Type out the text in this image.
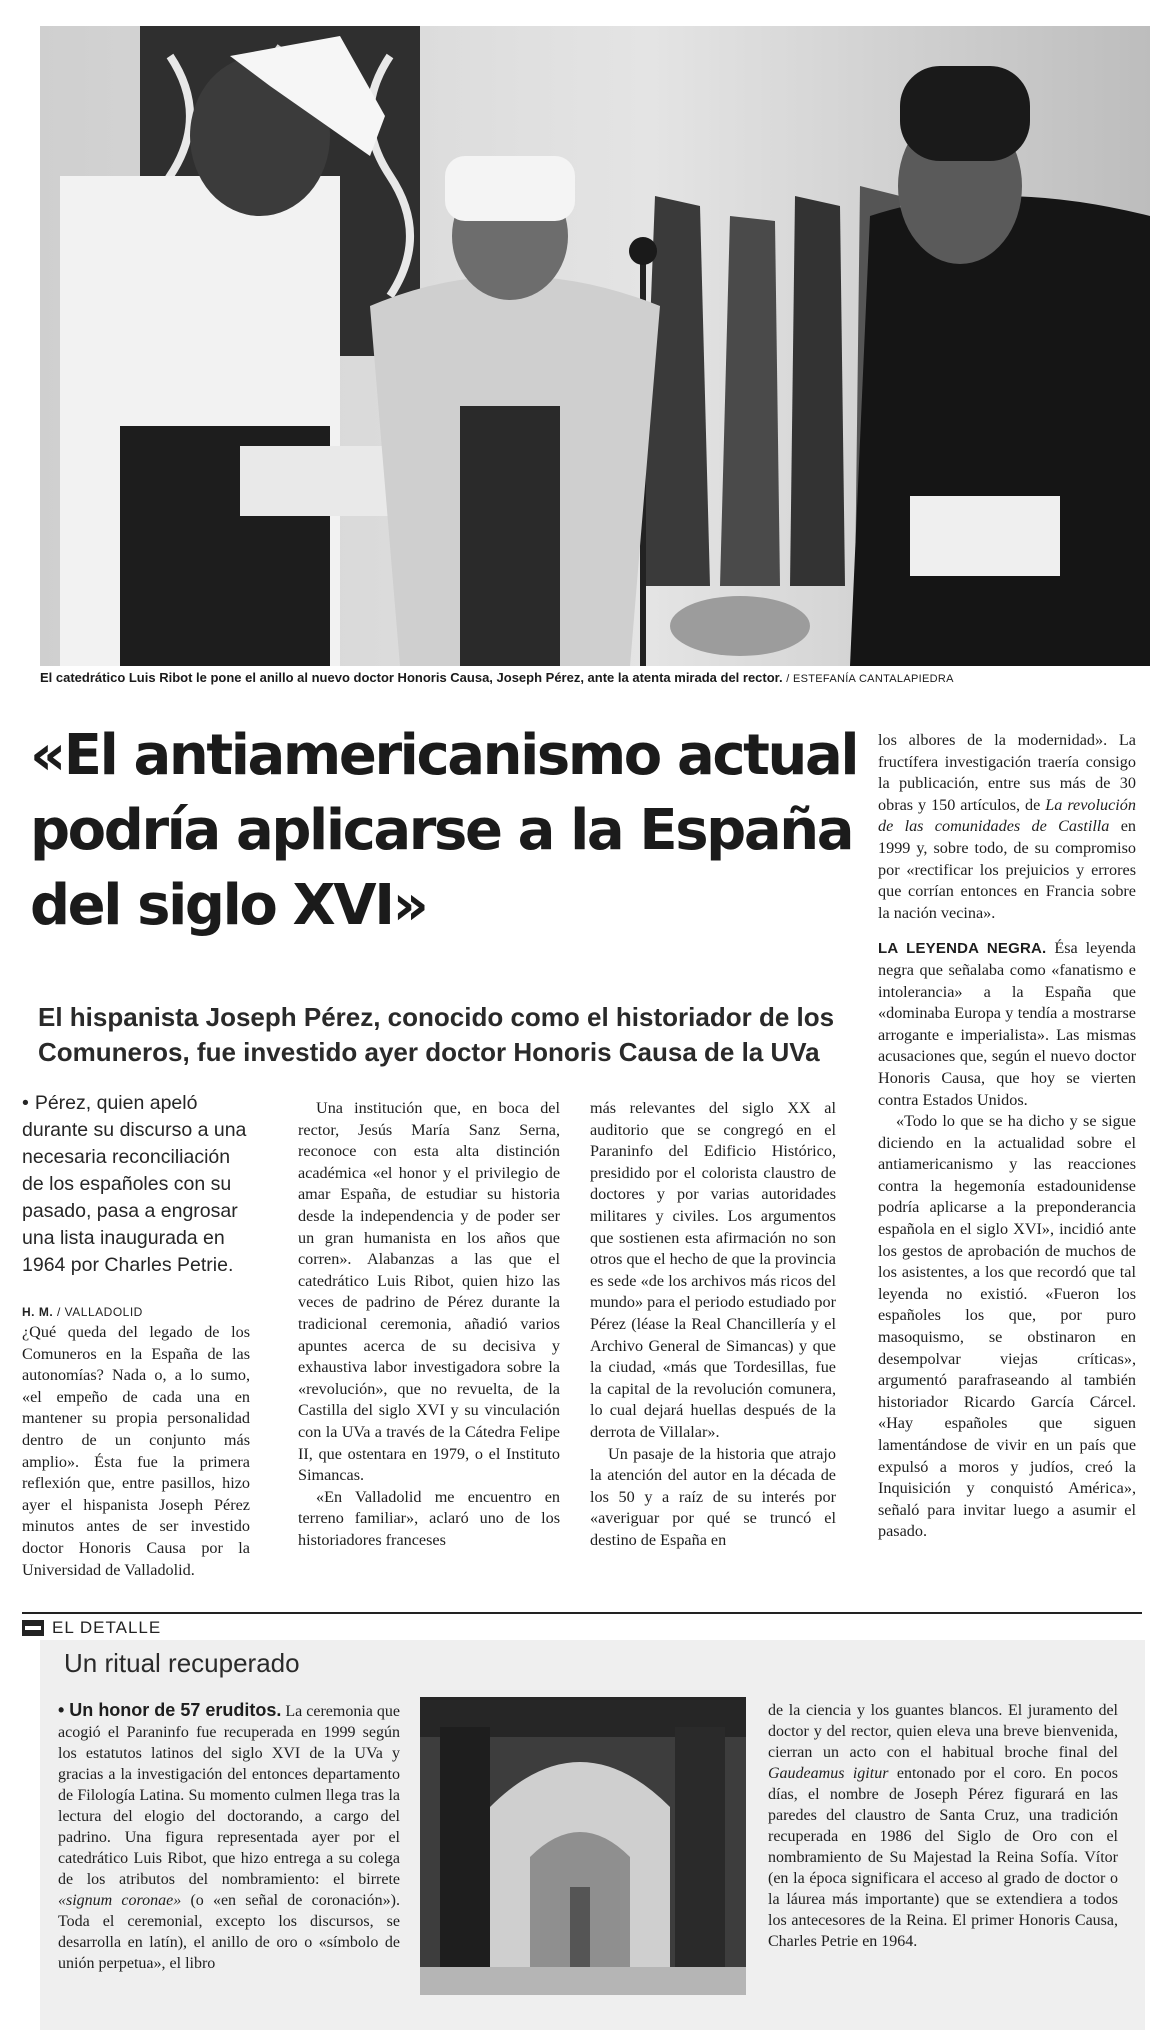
El catedrático Luis Ribot le pone el anillo al nuevo doctor Honoris Causa, Joseph Pérez, ante la atenta mirada del rector. / ESTEFANÍA CANTALAPIEDRA
«El antiamericanismo actual podría aplicarse a la España del siglo XVI»
El hispanista Joseph Pérez, conocido como el historiador de los Comuneros, fue investido ayer doctor Honoris Causa de la UVa
• Pérez, quien apeló durante su discurso a una necesaria reconciliación de los españoles con su pasado, pasa a engrosar una lista inaugurada en 1964 por Charles Petrie.
H. M. / VALLADOLID

¿Qué queda del legado de los Comuneros en la España de las autonomías? Nada o, a lo sumo, «el empeño de cada una en mantener su propia personalidad dentro de un conjunto más amplio». Ésta fue la primera reflexión que, entre pasillos, hizo ayer el hispanista Joseph Pérez minutos antes de ser investido doctor Honoris Causa por la Universidad de Valladolid.

Una institución que, en boca del rector, Jesús María Sanz Serna, reconoce con esta alta distinción académica «el honor y el privilegio de amar España, de estudiar su historia desde la independencia y de poder ser un gran humanista en los años que corren». Alabanzas a las que el catedrático Luis Ribot, quien hizo las veces de padrino de Pérez durante la tradicional ceremonia, añadió varios apuntes acerca de su decisiva y exhaustiva labor investigadora sobre la «revolución», que no revuelta, de la Castilla del siglo XVI y su vinculación con la UVa a través de la Cátedra Felipe II, que ostentara en 1979, o el Instituto Simancas.

«En Valladolid me encuentro en terreno familiar», aclaró uno de los historiadores franceses

más relevantes del siglo XX al auditorio que se congregó en el Paraninfo del Edificio Histórico, presidido por el colorista claustro de doctores y por varias autoridades militares y civiles. Los argumentos que sostienen esta afirmación no son otros que el hecho de que la provincia es sede «de los archivos más ricos del mundo» para el periodo estudiado por Pérez (léase la Real Chancillería y el Archivo General de Simancas) y que la ciudad, «más que Tordesillas, fue la capital de la revolución comunera, lo cual dejará huellas después de la derrota de Villalar».

Un pasaje de la historia que atrajo la atención del autor en la década de los 50 y a raíz de su interés por «averiguar por qué se truncó el destino de España en

los albores de la modernidad». La fructífera investigación traería consigo la publicación, entre sus más de 30 obras y 150 artículos, de La revolución de las comunidades de Castilla en 1999 y, sobre todo, de su compromiso por «rectificar los prejuicios y errores que corrían entonces en Francia sobre la nación vecina».

LA LEYENDA NEGRA. Ésa leyenda negra que señalaba como «fanatismo e intolerancia» a la España que «dominaba Europa y tendía a mostrarse arrogante e imperialista». Las mismas acusaciones que, según el nuevo doctor Honoris Causa, que hoy se vierten contra Estados Unidos.

«Todo lo que se ha dicho y se sigue diciendo en la actualidad sobre el antiamericanismo y las reacciones contra la hegemonía estadounidense podría aplicarse a la preponderancia española en el siglo XVI», incidió ante los gestos de aprobación de muchos de los asistentes, a los que recordó que tal leyenda no existió. «Fueron los españoles los que, por puro masoquismo, se obstinaron en desempolvar viejas críticas», argumentó parafraseando al también historiador Ricardo García Cárcel. «Hay españoles que siguen lamentándose de vivir en un país que expulsó a moros y judíos, creó la Inquisición y conquistó América», señaló para invitar luego a asumir el pasado.

EL DETALLE
Un ritual recuperado

• Un honor de 57 eruditos. La ceremonia que acogió el Paraninfo fue recuperada en 1999 según los estatutos latinos del siglo XVI de la UVa y gracias a la investigación del entonces departamento de Filología Latina. Su momento culmen llega tras la lectura del elogio del doctorando, a cargo del padrino. Una figura representada ayer por el catedrático Luis Ribot, que hizo entrega a su colega de los atributos del nombramiento: el birrete «signum coronae» (o «en señal de coronación»). Toda el ceremonial, excepto los discursos, se desarrolla en latín), el anillo de oro o «símbolo de unión perpetua», el libro

de la ciencia y los guantes blancos. El juramento del doctor y del rector, quien eleva una breve bienvenida, cierran un acto con el habitual broche final del Gaudeamus igitur entonado por el coro. En pocos días, el nombre de Joseph Pérez figurará en las paredes del claustro de Santa Cruz, una tradición recuperada en 1986 del Siglo de Oro con el nombramiento de Su Majestad la Reina Sofía. Vítor (en la época significara el acceso al grado de doctor o la láurea más importante) que se extendiera a todos los antecesores de la Reina. El primer Honoris Causa, Charles Petrie en 1964.
